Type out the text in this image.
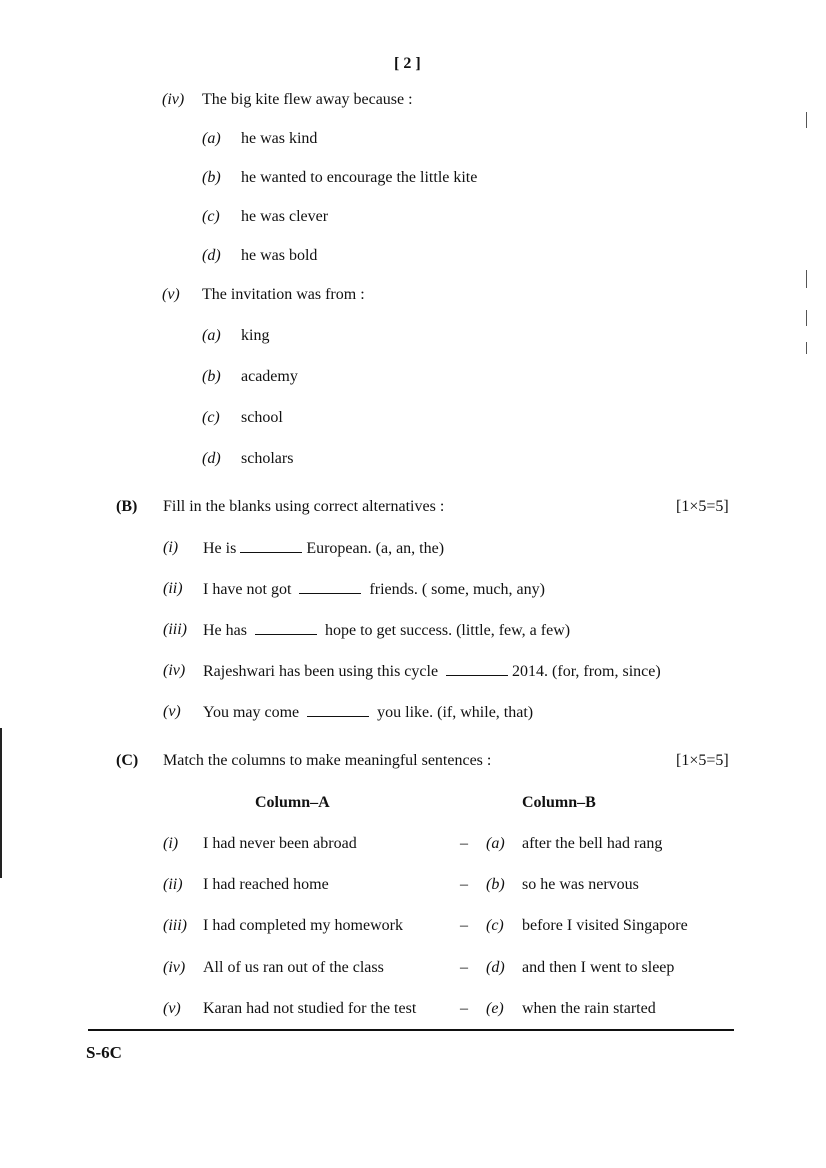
[ 2 ]
(iv) The big kite flew away because :
(a) he was kind
(b) he wanted to encourage the little kite
(c) he was clever
(d) he was bold
(v) The invitation was from :
(a) king
(b) academy
(c) school
(d) scholars
(B) Fill in the blanks using correct alternatives :	[1×5=5]
(i) He is	European. (a, an, the)
(ii) I have not got	friends. ( some, much, any)
(iii) He has	hope to get success. (little, few, a few)
(iv) Rajeshwari has been using this cycle	2014. (for, from, since)
(v) You may come	you like. (if, while, that)
(C) Match the columns to make meaningful sentences :	[1×5=5]
Column–A	Column–B
(i) I had never been abroad	– (a) after the bell had rang
(ii) I had reached home	– (b) so he was nervous
(iii) I had completed my homework	– (c) before I visited Singapore
(iv) All of us ran out of the class	– (d) and then I went to sleep
(v) Karan had not studied for the test	– (e) when the rain started
S-6C
